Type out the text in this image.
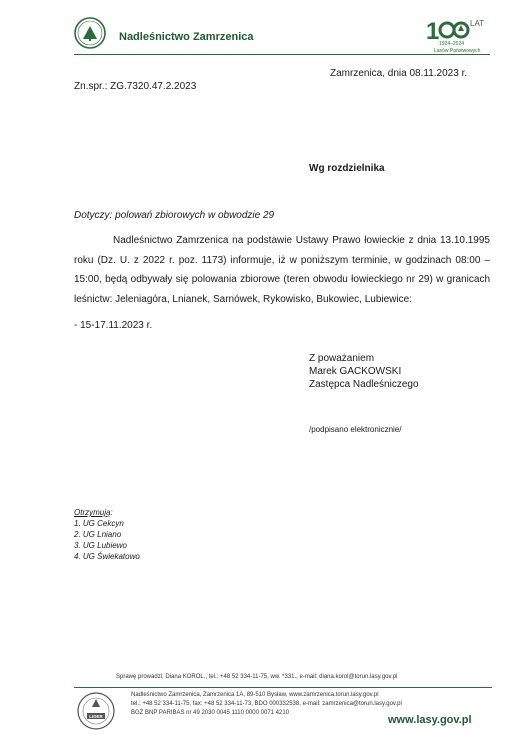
Nadleśnictwo Zamrzenica	1	LAT
1924–2024
Lasów Państwowych
Zamrzenica, dnia 08.11.2023 r.
Zn.spr.: ZG.7320.47.2.2023
Wg rozdzielnika
Dotyczy: polowań zbiorowych w obwodzie 29
Nadleśnictwo Zamrzenica na podstawie Ustawy Prawo łowieckie z dnia 13.10.1995 roku (Dz. U. z 2022 r. poz. 1173) informuje, iż w poniższym terminie, w godzinach 08:00 – 15:00, będą odbywały się polowania zbiorowe (teren obwodu łowieckiego nr 29) w granicach leśnictw: Jeleniagóra, Lnianek, Sarnówek, Rykowisko, Bukowiec, Lubiewice:
- 15-17.11.2023 r.
Z poważaniem
Marek GACKOWSKI
Zastępca Nadleśniczego
/podpisano elektronicznie/
Otrzymują:
1. UG Cekcyn
2. UG Lniano
3. UG Lubiewo
4. UG Świekatowo
Sprawę prowadzi: Diana KOROL., tel.: +48 52 334-11-75, ww. *331., e-mail: diana.korol@torun.lasy.gov.pl
LIDER
Nadleśnictwo Zamrzenica, Zamrzenica 1A, 89-510 Bysław, www.zamrzenica.torun.lasy.gov.pl
tel.: +48 52 334-11-75, fax: +48 52 334-11-73, BDO 000332538, e-mail: zamrzenica@torun.lasy.gov.pl
BGŻ BNP PARIBAS nr 49 2030 0045 1110 0000 0071 4210
www.lasy.gov.pl
